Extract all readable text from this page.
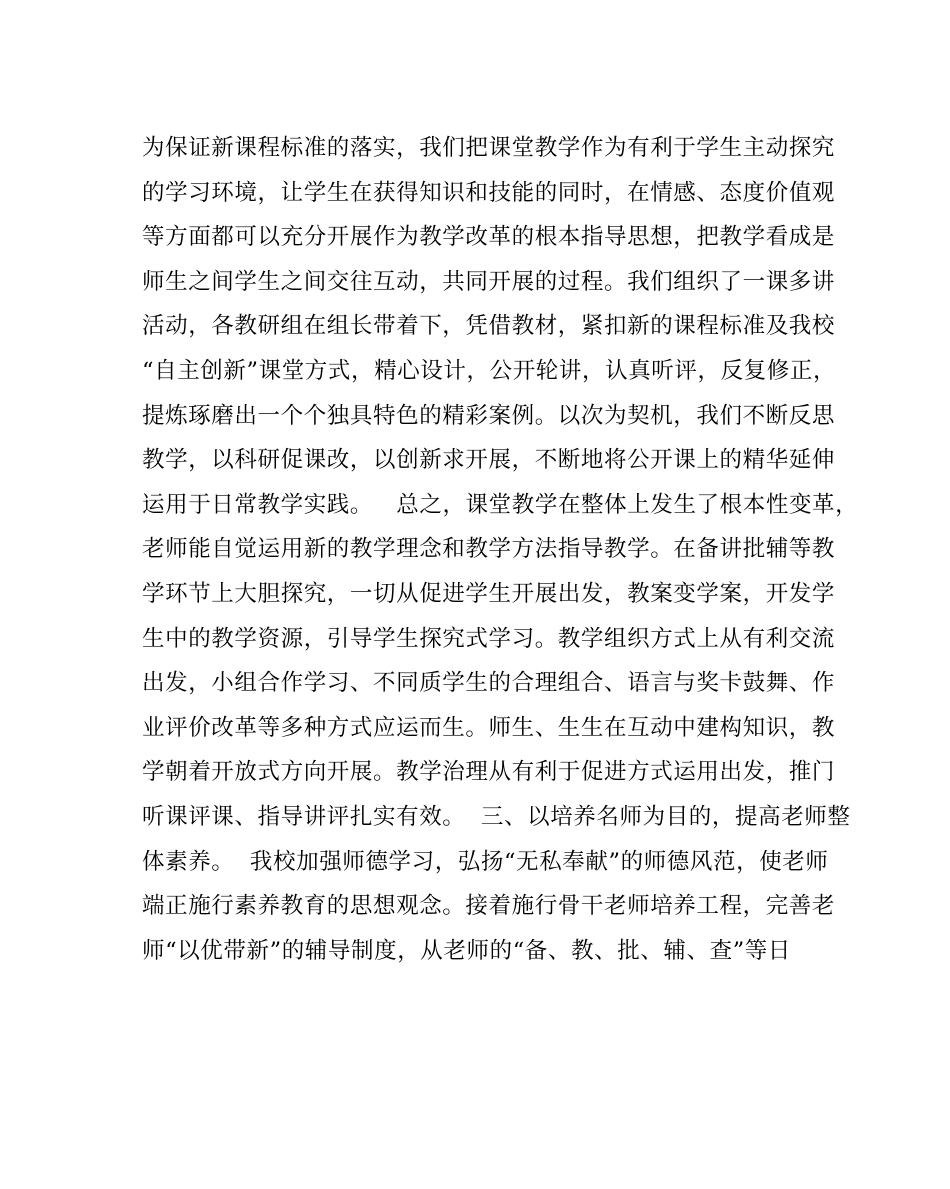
为保证新课程标准的落实，我们把课堂教学作为有利于学生主动探究
的学习环境，让学生在获得知识和技能的同时，在情感、态度价值观
等方面都可以充分开展作为教学改革的根本指导思想，把教学看成是
师生之间学生之间交往互动，共同开展的过程。我们组织了一课多讲
活动，各教研组在组长带着下，凭借教材，紧扣新的课程标准及我校
“自主创新”课堂方式，精心设计，公开轮讲，认真听评，反复修正，
提炼琢磨出一个个独具特色的精彩案例。以次为契机，我们不断反思
教学，以科研促课改，以创新求开展，不断地将公开课上的精华延伸
运用于日常教学实践。   总之，课堂教学在整体上发生了根本性变革，
老师能自觉运用新的教学理念和教学方法指导教学。在备讲批辅等教
学环节上大胆探究，一切从促进学生开展出发，教案变学案，开发学
生中的教学资源，引导学生探究式学习。教学组织方式上从有利交流
出发，小组合作学习、不同质学生的合理组合、语言与奖卡鼓舞、作
业评价改革等多种方式应运而生。师生、生生在互动中建构知识，教
学朝着开放式方向开展。教学治理从有利于促进方式运用出发，推门
听课评课、指导讲评扎实有效。  三、以培养名师为目的，提高老师整
体素养。  我校加强师德学习，弘扬“无私奉献”的师德风范，使老师
端正施行素养教育的思想观念。接着施行骨干老师培养工程，完善老
师“以优带新”的辅导制度，从老师的“备、教、批、辅、查”等日
